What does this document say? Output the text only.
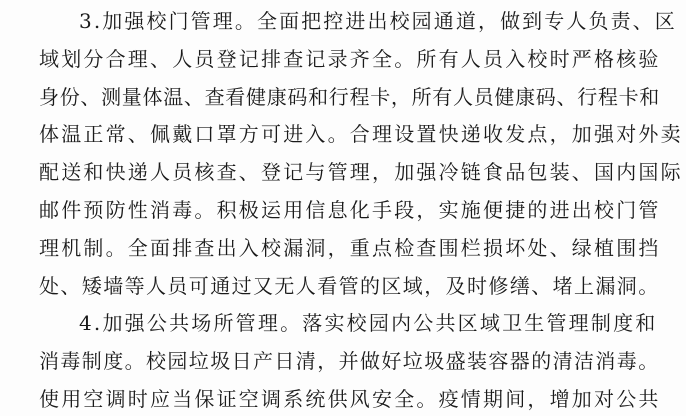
3.加强校门管理。全面把控进出校园通道，做到专人负责、区
域划分合理、人员登记排查记录齐全。所有人员入校时严格核验
身份、测量体温、查看健康码和行程卡，所有人员健康码、行程卡和
体温正常、佩戴口罩方可进入。合理设置快递收发点，加强对外卖
配送和快递人员核查、登记与管理，加强冷链食品包装、国内国际
邮件预防性消毒。积极运用信息化手段，实施便捷的进出校门管
理机制。全面排查出入校漏洞，重点检查围栏损坏处、绿植围挡
处、矮墙等人员可通过又无人看管的区域，及时修缮、堵上漏洞。
4.加强公共场所管理。落实校园内公共区域卫生管理制度和
消毒制度。校园垃圾日产日清，并做好垃圾盛装容器的清洁消毒。
使用空调时应当保证空调系统供风安全。疫情期间，增加对公共
